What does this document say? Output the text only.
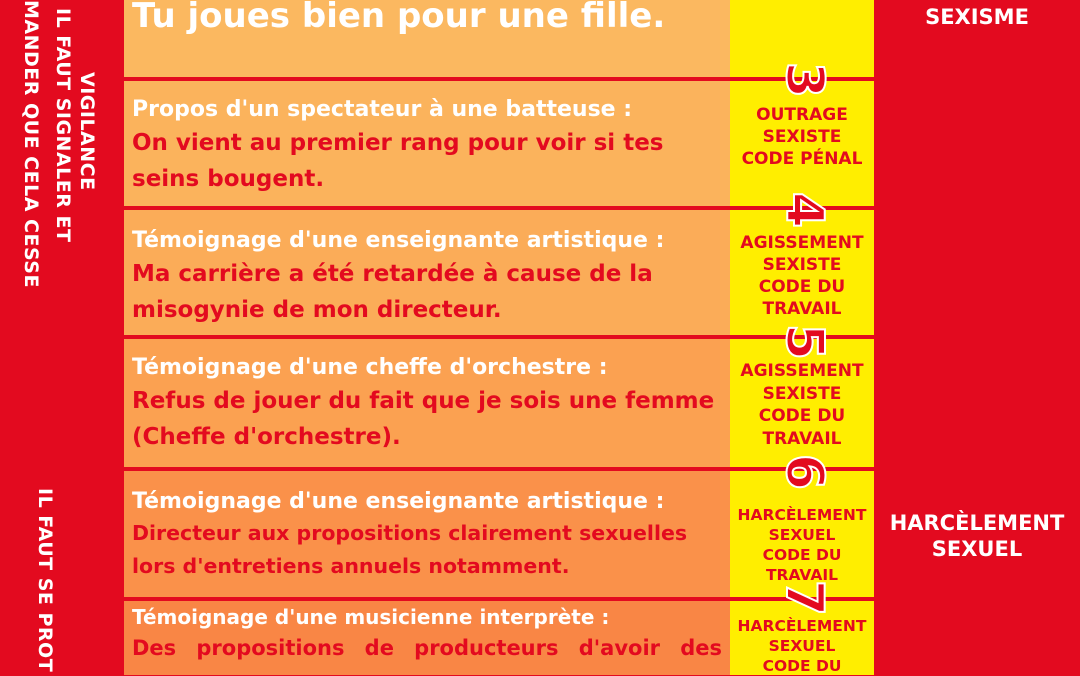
VIGILANCE
IL FAUT SIGNALER ET
MANDER QUE CELA CESSE
IL FAUT SE PROT
Tu joues bien pour une fille.
Propos d'un spectateur à une batteuse :
On vient au premier rang pour voir si tes seins bougent.
Témoignage d'une enseignante artistique :
Ma carrière a été retardée à cause de la misogynie de mon directeur.
Témoignage d'une cheffe d'orchestre :
Refus de jouer du fait que je sois une femme (Cheffe d'orchestre).
Témoignage d'une enseignante artistique :
Directeur aux propositions clairement sexuelles lors d'entretiens annuels notamment.
Témoignage d'une musicienne interprète :
Des propositions de producteurs d'avoir des
OUTRAGE
SEXISTE
CODE PÉNAL
AGISSEMENT
SEXISTE
CODE DU
TRAVAIL
AGISSEMENT
SEXISTE
CODE DU
TRAVAIL
HARCÈLEMENT
SEXUEL
CODE DU
TRAVAIL
HARCÈLEMENT
SEXUEL
CODE DU
3
4
5
6
7
SEXISME
HARCÈLEMENT
SEXUEL
